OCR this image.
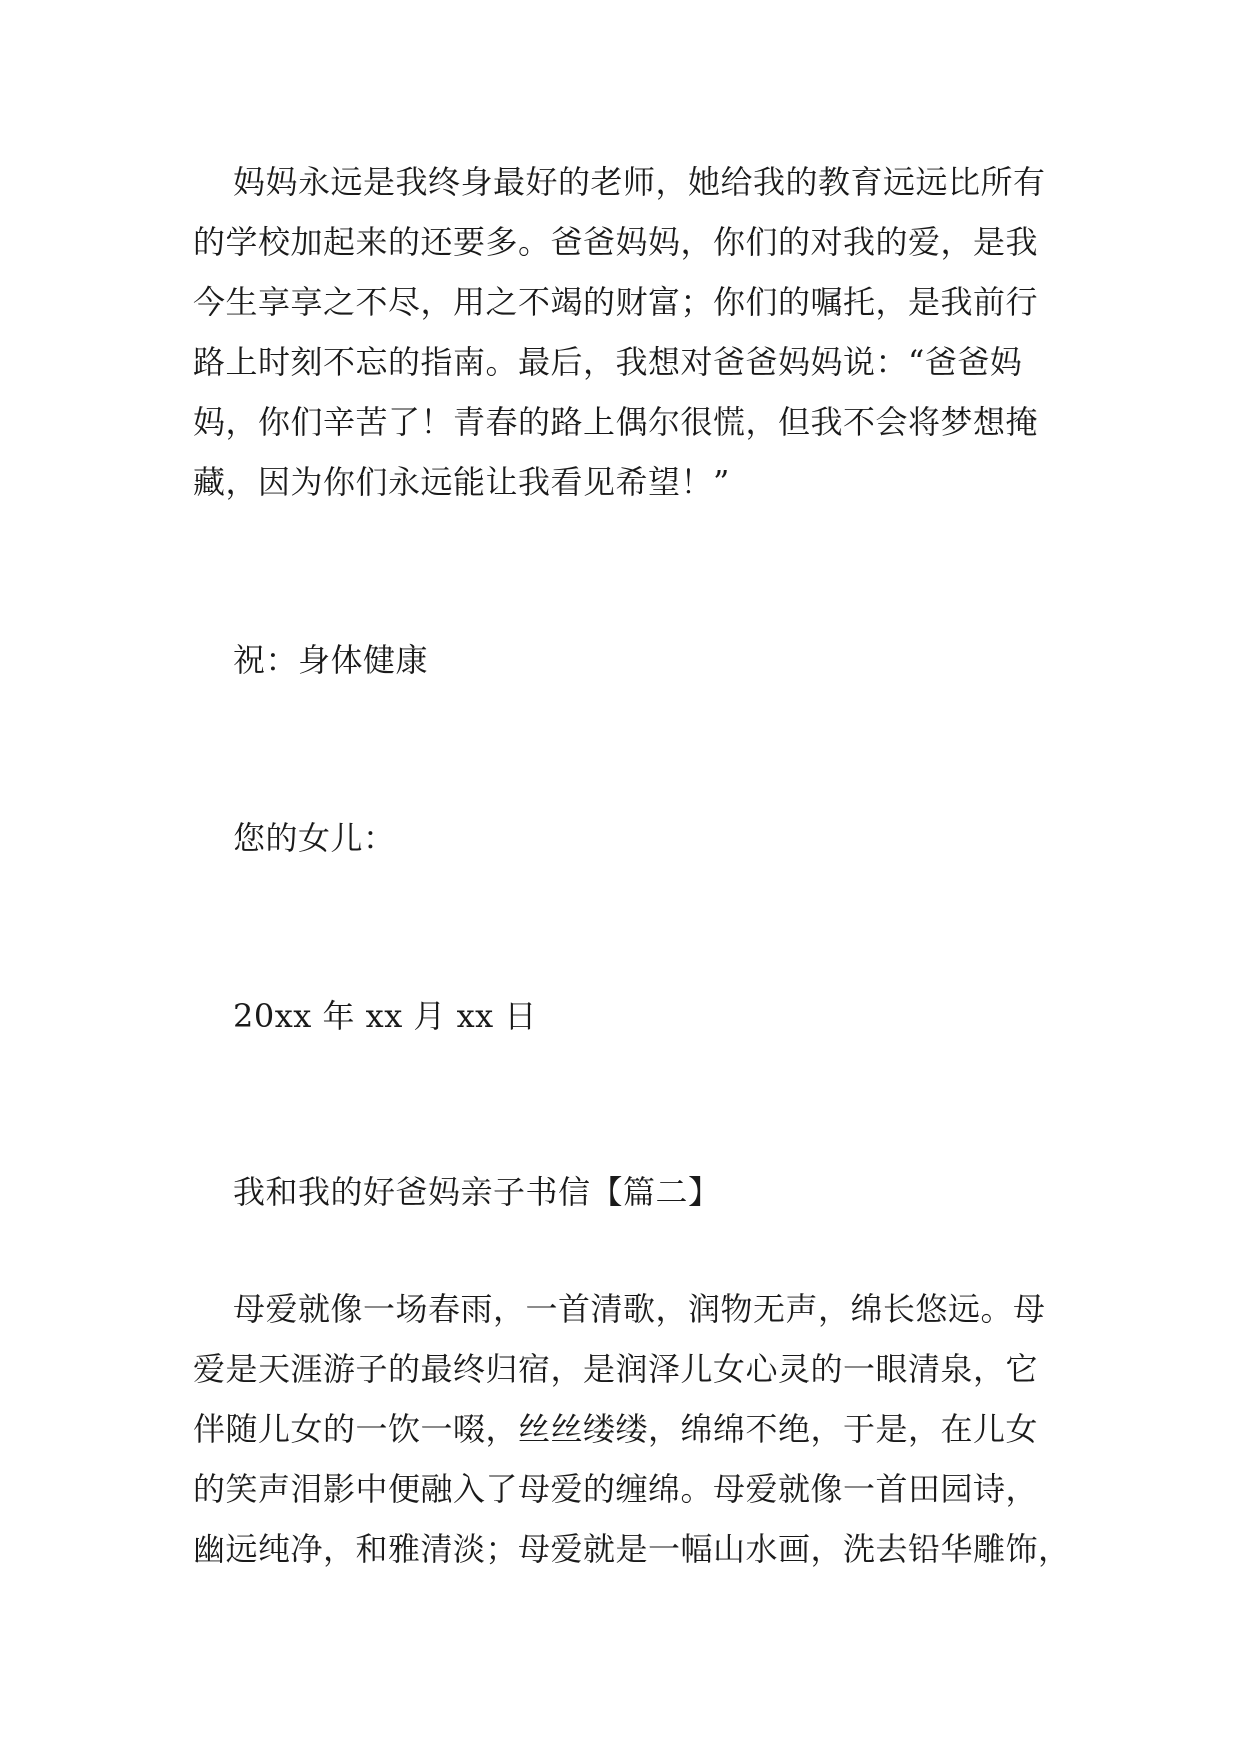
妈妈永远是我终身最好的老师，她给我的教育远远比所有
的学校加起来的还要多。爸爸妈妈，你们的对我的爱，是我
今生享享之不尽，用之不竭的财富；你们的嘱托，是我前行
路上时刻不忘的指南。最后，我想对爸爸妈妈说：“爸爸妈
妈，你们辛苦了！青春的路上偶尔很慌，但我不会将梦想掩
藏，因为你们永远能让我看见希望！”
祝：身体健康
您的女儿：
20xx 年 xx 月 xx 日
我和我的好爸妈亲子书信【篇二】
母爱就像一场春雨，一首清歌，润物无声，绵长悠远。母
爱是天涯游子的最终归宿，是润泽儿女心灵的一眼清泉，它
伴随儿女的一饮一啜，丝丝缕缕，绵绵不绝，于是，在儿女
的笑声泪影中便融入了母爱的缠绵。母爱就像一首田园诗，
幽远纯净，和雅清淡；母爱就是一幅山水画，洗去铅华雕饰，
